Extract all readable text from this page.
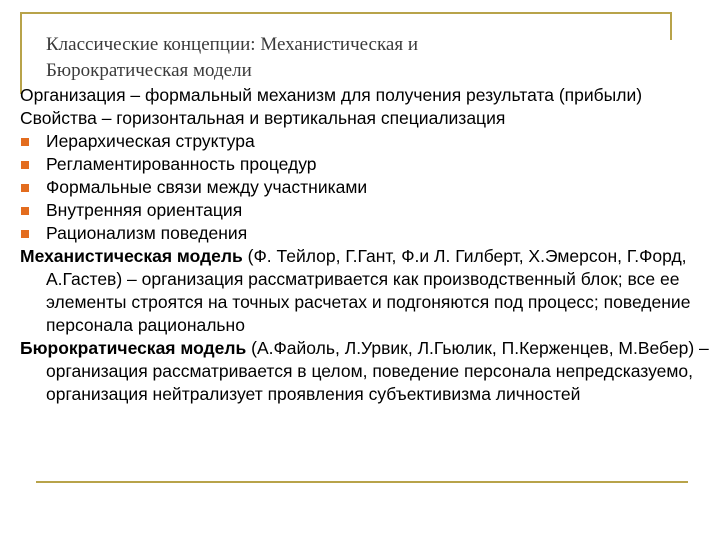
Классические концепции: Механистическая и
Бюрократическая модели
Организация – формальный механизм для получения результата (прибыли)
Свойства – горизонтальная и вертикальная специализация
Иерархическая структура
Регламентированность процедур
Формальные связи между участниками
Внутренняя ориентация
Рационализм поведения
Механистическая модель (Ф. Тейлор, Г.Гант, Ф.и Л. Гилберт, Х.Эмерсон, Г.Форд, А.Гастев) – организация рассматривается как производственный блок; все ее элементы строятся на точных расчетах и подгоняются под процесс; поведение персонала рационально
Бюрократическая модель (А.Файоль, Л.Урвик, Л.Гьюлик, П.Керженцев, М.Вебер) – организация рассматривается в целом, поведение персонала непредсказуемо, организация нейтрализует проявления субъективизма личностей
